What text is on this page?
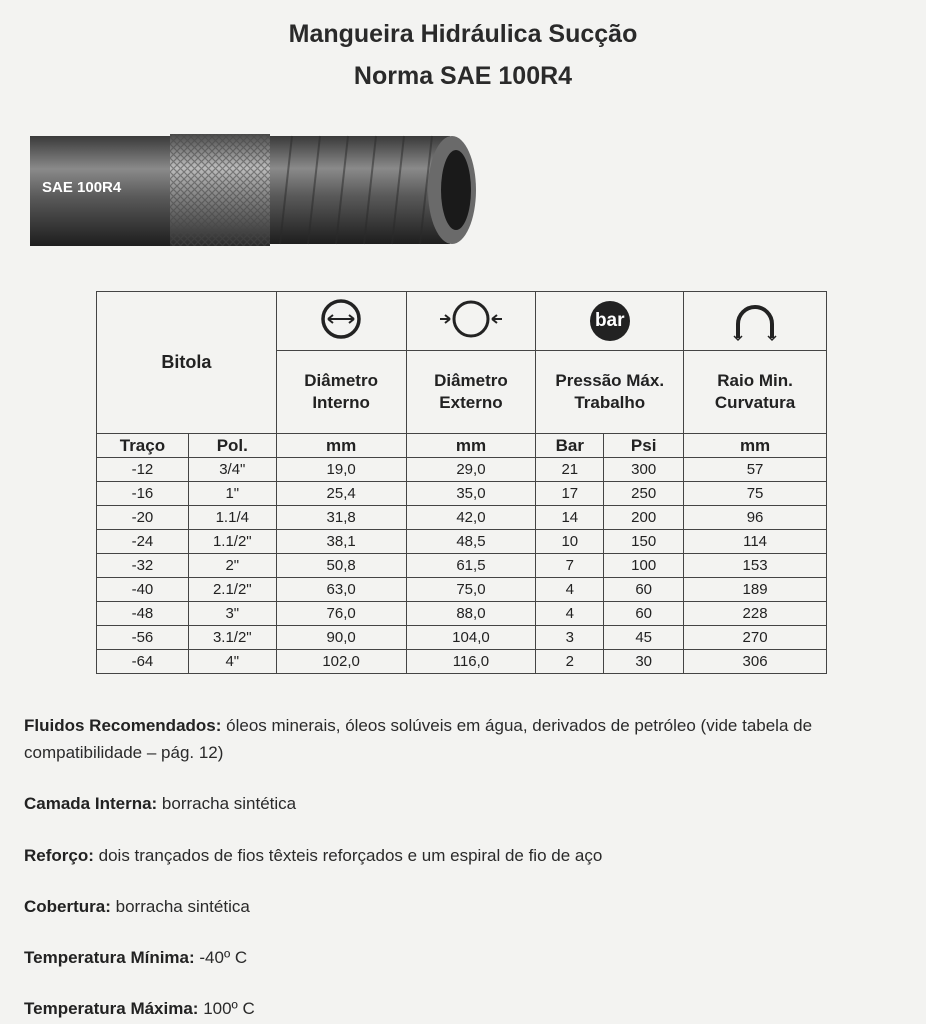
Mangueira Hidráulica Sucção
Norma SAE 100R4
SAE 100R4
Bitola				bar	
		Diâmetro Interno	Diâmetro Externo	Pressão Máx. Trabalho		Raio Min. Curvatura
Traço	Pol.	mm	mm	Bar	Psi	mm
-12	3/4"	19,0	29,0	21	300	57
-16	1"	25,4	35,0	17	250	75
-20	1.1/4	31,8	42,0	14	200	96
-24	1.1/2"	38,1	48,5	10	150	114
-32	2"	50,8	61,5	7	100	153
-40	2.1/2"	63,0	75,0	4	60	189
-48	3"	76,0	88,0	4	60	228
-56	3.1/2"	90,0	104,0	3	45	270
-64	4"	102,0	116,0	2	30	306
Fluidos Recomendados: óleos minerais, óleos solúveis em água, derivados de petróleo (vide tabela de compatibilidade – pág. 12)
Camada Interna: borracha sintética
Reforço: dois trançados de fios têxteis reforçados e um espiral de fio de aço
Cobertura: borracha sintética
Temperatura Mínima: -40º C
Temperatura Máxima: 100º C
